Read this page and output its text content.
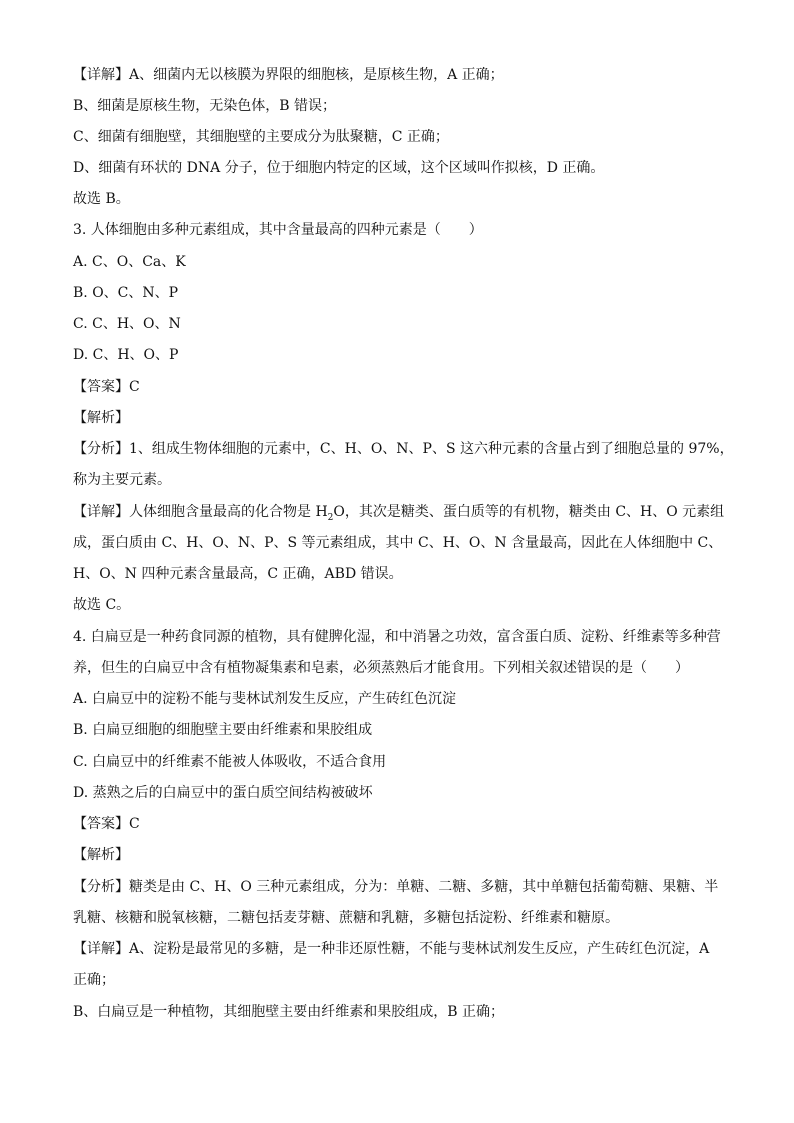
【详解】A、细菌内无以核膜为界限的细胞核，是原核生物，A 正确；
B、细菌是原核生物，无染色体，B 错误；
C、细菌有细胞壁，其细胞壁的主要成分为肽聚糖，C 正确；
D、细菌有环状的 DNA 分子，位于细胞内特定的区域，这个区域叫作拟核，D 正确。
故选 B。
3. 人体细胞由多种元素组成，其中含量最高的四种元素是（　　）
A. C、O、Ca、K
B. O、C、N、P
C. C、H、O、N
D. C、H、O、P
【答案】C
【解析】
【分析】1、组成生物体细胞的元素中，C、H、O、N、P、S 这六种元素的含量占到了细胞总量的 97%，
称为主要元素。
【详解】人体细胞含量最高的化合物是 $H_2O$，其次是糖类、蛋白质等的有机物，糖类由 C、H、O 元素组
成，蛋白质由 C、H、O、N、P、S 等元素组成，其中 C、H、O、N 含量最高，因此在人体细胞中 C、
H、O、N 四种元素含量最高，C 正确，ABD 错误。
故选 C。
4. 白扁豆是一种药食同源的植物，具有健脾化湿，和中消暑之功效，富含蛋白质、淀粉、纤维素等多种营
养，但生的白扁豆中含有植物凝集素和皂素，必须蒸熟后才能食用。下列相关叙述错误的是（　　）
A. 白扁豆中的淀粉不能与斐林试剂发生反应，产生砖红色沉淀
B. 白扁豆细胞的细胞壁主要由纤维素和果胶组成
C. 白扁豆中的纤维素不能被人体吸收，不适合食用
D. 蒸熟之后的白扁豆中的蛋白质空间结构被破坏
【答案】C
【解析】
【分析】糖类是由 C、H、O 三种元素组成，分为：单糖、二糖、多糖，其中单糖包括葡萄糖、果糖、半
乳糖、核糖和脱氧核糖，二糖包括麦芽糖、蔗糖和乳糖，多糖包括淀粉、纤维素和糖原。
【详解】A、淀粉是最常见的多糖，是一种非还原性糖，不能与斐林试剂发生反应，产生砖红色沉淀，A
正确；
B、白扁豆是一种植物，其细胞壁主要由纤维素和果胶组成，B 正确；
